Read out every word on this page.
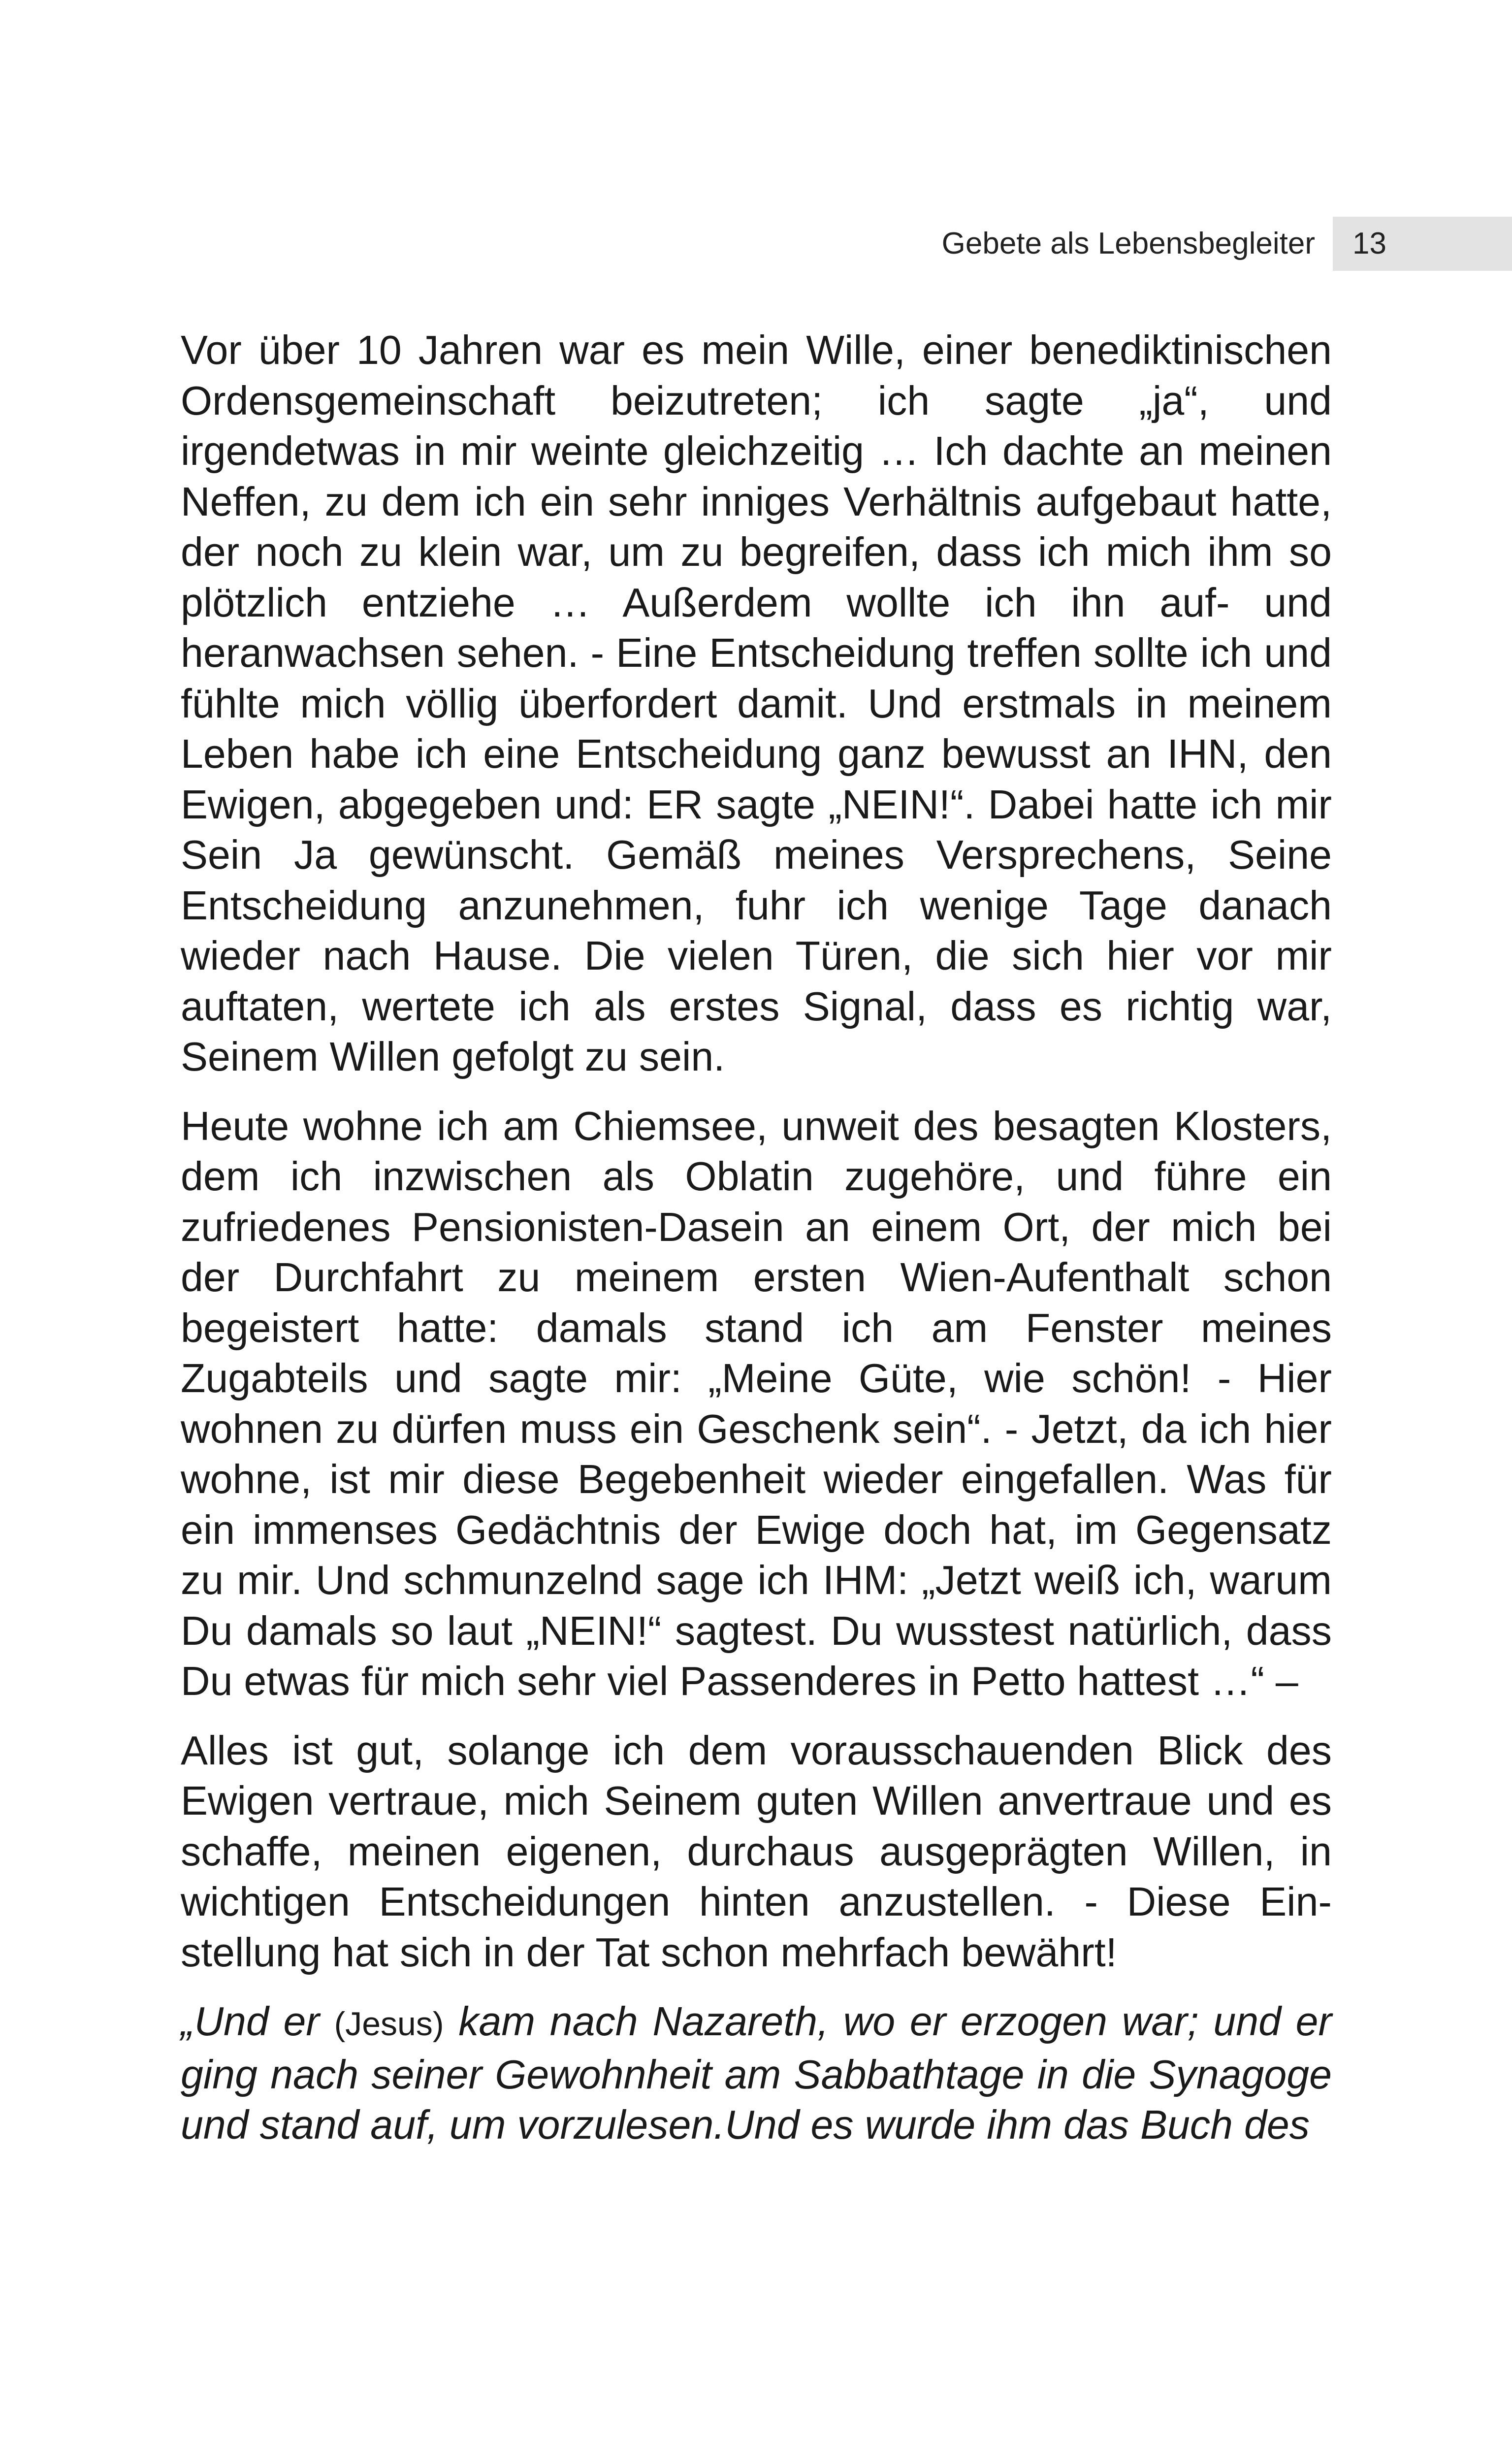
Gebete als Lebensbegleiter 13

Vor über 10 Jahren war es mein Wille, einer benediktinischen Ordensgemeinschaft beizutreten; ich sagte „ja“, und irgendetwas in mir weinte gleichzeitig … Ich dachte an meinen Neffen, zu dem ich ein sehr inniges Verhältnis aufgebaut hatte, der noch zu klein war, um zu begreifen, dass ich mich ihm so plötzlich entziehe … Außerdem wollte ich ihn auf- und heranwachsen sehen. - Eine Entscheidung treffen sollte ich und fühlte mich völlig überfordert damit. Und erstmals in meinem Leben habe ich eine Entscheidung ganz bewusst an IHN, den Ewigen, abgegeben und: ER sagte „NEIN!“. Dabei hatte ich mir Sein Ja gewünscht. Gemäß meines Versprechens, Seine Entscheidung anzunehmen, fuhr ich wenige Tage danach wieder nach Hause. Die vielen Türen, die sich hier vor mir auftaten, wertete ich als erstes Signal, dass es richtig war, Seinem Willen gefolgt zu sein.

Heute wohne ich am Chiemsee, unweit des besagten Klosters, dem ich inzwischen als Oblatin zugehöre, und führe ein zufriedenes Pensionisten-Dasein an einem Ort, der mich bei der Durchfahrt zu meinem ersten Wien-Aufenthalt schon begeistert hatte: damals stand ich am Fenster meines Zugabteils und sagte mir: „Meine Güte, wie schön! - Hier wohnen zu dürfen muss ein Geschenk sein“. - Jetzt, da ich hier wohne, ist mir diese Begebenheit wieder eingefallen. Was für ein immenses Gedächtnis der Ewige doch hat, im Gegensatz zu mir. Und schmunzelnd sage ich IHM: „Jetzt weiß ich, warum Du damals so laut „NEIN!“ sagtest. Du wusstest natürlich, dass Du etwas für mich sehr viel Passenderes in Petto hattest …“ –

Alles ist gut, solange ich dem vorausschauenden Blick des Ewigen vertraue, mich Seinem guten Willen anvertraue und es schaffe, meinen eigenen, durchaus ausgeprägten Willen, in wichtigen Entscheidungen hinten anzustellen. - Diese Einstellung hat sich in der Tat schon mehrfach bewährt!

„Und er (Jesus) kam nach Nazareth, wo er erzogen war; und er ging nach seiner Gewohnheit am Sabbathtage in die Synagoge und stand auf, um vorzulesen.Und es wurde ihm das Buch des
